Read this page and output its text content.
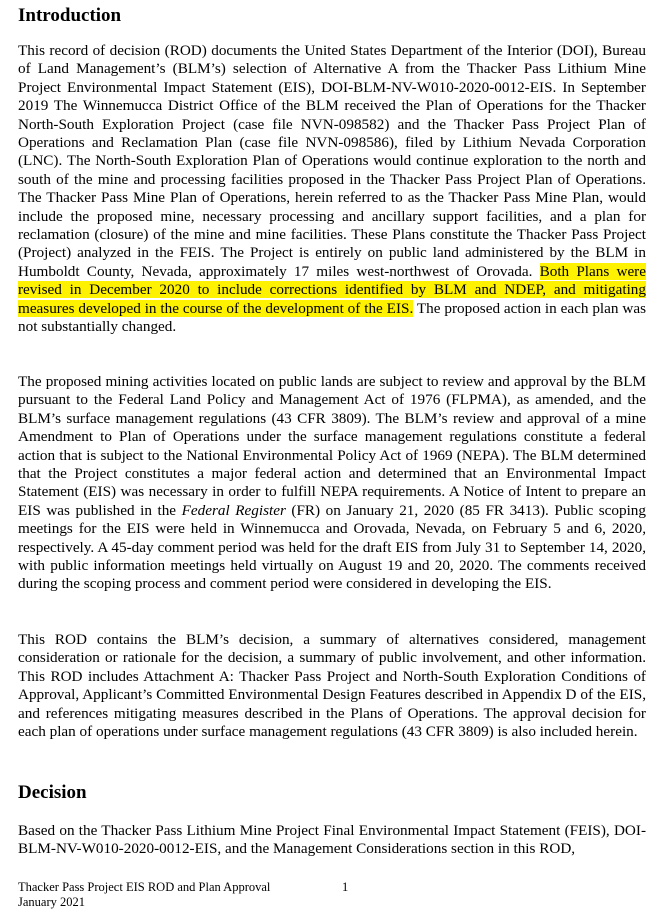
Introduction

This record of decision (ROD) documents the United States Department of the Interior (DOI), Bureau of Land Management’s (BLM’s) selection of Alternative A from the Thacker Pass Lithium Mine Project Environmental Impact Statement (EIS), DOI-BLM-NV-W010-2020-0012-EIS. In September 2019 The Winnemucca District Office of the BLM received the Plan of Operations for the Thacker North-South Exploration Project (case file NVN-098582) and the Thacker Pass Project Plan of Operations and Reclamation Plan (case file NVN-098586), filed by Lithium Nevada Corporation (LNC). The North-South Exploration Plan of Operations would continue exploration to the north and south of the mine and processing facilities proposed in the Thacker Pass Project Plan of Operations. The Thacker Pass Mine Plan of Operations, herein referred to as the Thacker Pass Mine Plan, would include the proposed mine, necessary processing and ancillary support facilities, and a plan for reclamation (closure) of the mine and mine facilities. These Plans constitute the Thacker Pass Project (Project) analyzed in the FEIS. The Project is entirely on public land administered by the BLM in Humboldt County, Nevada, approximately 17 miles west-northwest of Orovada. Both Plans were revised in December 2020 to include corrections identified by BLM and NDEP, and mitigating measures developed in the course of the development of the EIS. The proposed action in each plan was not substantially changed.

The proposed mining activities located on public lands are subject to review and approval by the BLM pursuant to the Federal Land Policy and Management Act of 1976 (FLPMA), as amended, and the BLM’s surface management regulations (43 CFR 3809). The BLM’s review and approval of a mine Amendment to Plan of Operations under the surface management regulations constitute a federal action that is subject to the National Environmental Policy Act of 1969 (NEPA). The BLM determined that the Project constitutes a major federal action and determined that an Environmental Impact Statement (EIS) was necessary in order to fulfill NEPA requirements. A Notice of Intent to prepare an EIS was published in the Federal Register (FR) on January 21, 2020 (85 FR 3413). Public scoping meetings for the EIS were held in Winnemucca and Orovada, Nevada, on February 5 and 6, 2020, respectively. A 45-day comment period was held for the draft EIS from July 31 to September 14, 2020, with public information meetings held virtually on August 19 and 20, 2020. The comments received during the scoping process and comment period were considered in developing the EIS.

This ROD contains the BLM’s decision, a summary of alternatives considered, management consideration or rationale for the decision, a summary of public involvement, and other information. This ROD includes Attachment A: Thacker Pass Project and North-South Exploration Conditions of Approval, Applicant’s Committed Environmental Design Features described in Appendix D of the EIS, and references mitigating measures described in the Plans of Operations. The approval decision for each plan of operations under surface management regulations (43 CFR 3809) is also included herein.

Decision

Based on the Thacker Pass Lithium Mine Project Final Environmental Impact Statement (FEIS), DOI-BLM-NV-W010-2020-0012-EIS, and the Management Considerations section in this ROD,

Thacker Pass Project EIS ROD and Plan Approval
January 2021
1
